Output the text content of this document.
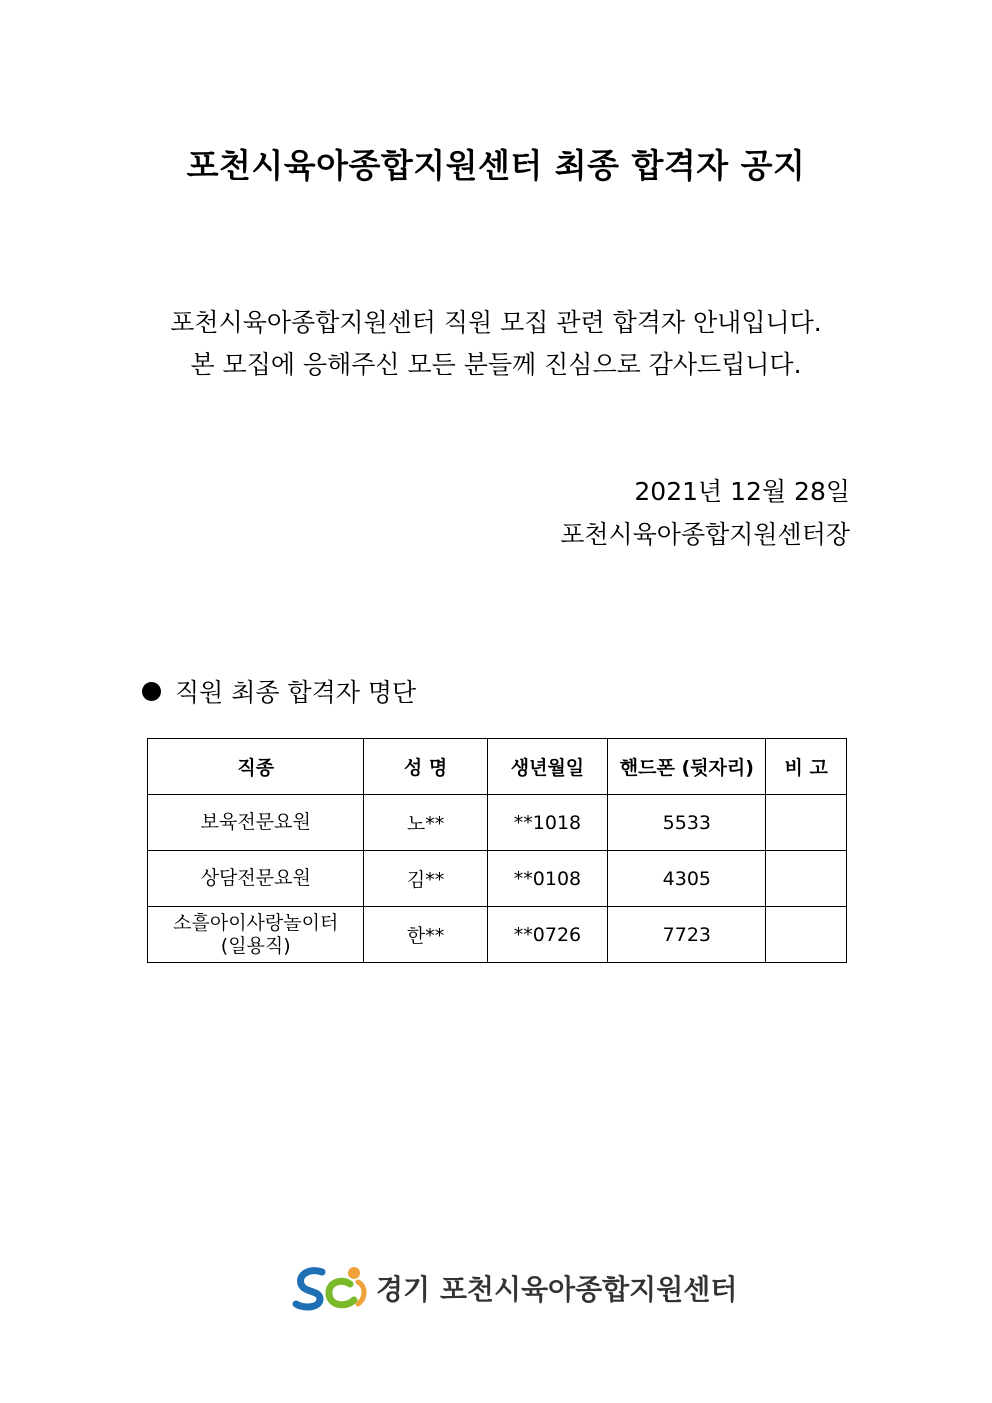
포천시육아종합지원센터 최종 합격자 공지
포천시육아종합지원센터 직원 모집 관련 합격자 안내입니다.
본 모집에 응해주신 모든 분들께 진심으로 감사드립니다.
2021년 12월 28일
포천시육아종합지원센터장
직원 최종 합격자 명단
직종	성 명	생년월일	핸드폰 (뒷자리)	비 고

보육전문요원	노**	**1018	5533	

상담전문요원	김**	**0108	4305	

소흘아이사랑놀이터
(일용직)	한**	**0726	7723	
경기 포천시육아종합지원센터
